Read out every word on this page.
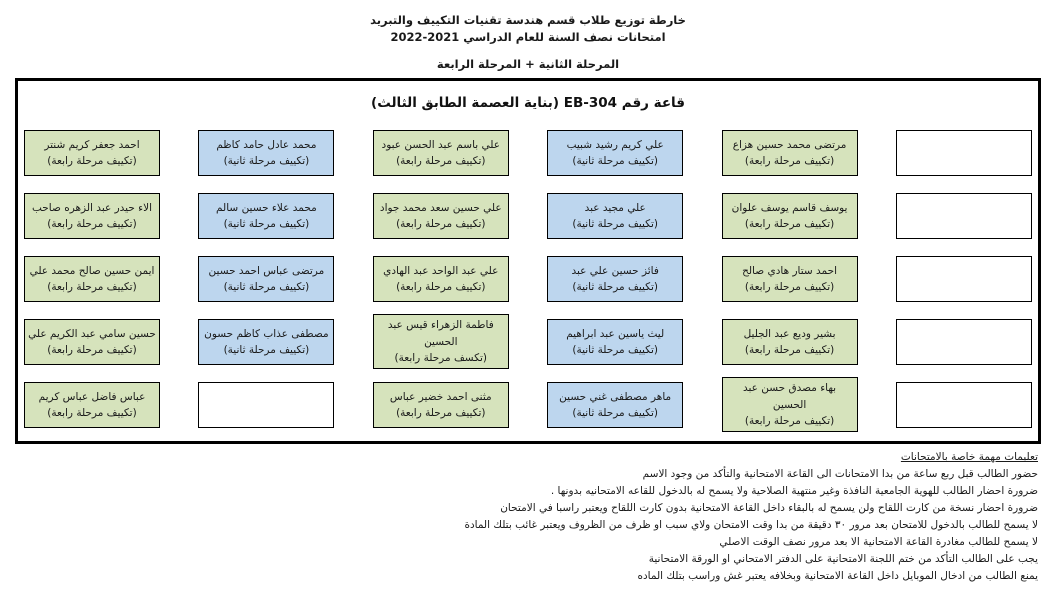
خارطة توزيع طلاب قسم هندسة تقنيات التكييف والتبريد
امتحانات نصف السنة للعام الدراسي 2021-2022
المرحلة الثانية + المرحلة الرابعة
قاعة رقم EB-304 (بناية العصمة الطابق الثالث)
احمد جعفر كريم شنتر
(تكييف مرحلة رابعة)
محمد عادل حامد كاظم
(تكييف مرحلة ثانية)
علي باسم عبد الحسن عبود
(تكييف مرحلة رابعة)
علي كريم رشيد شبيب
(تكييف مرحلة ثانية)
مرتضى محمد حسين هزاع
(تكييف مرحلة رابعة)
الاء حيدر عبد الزهره صاحب
(تكييف مرحلة رابعة)
محمد علاء حسين سالم
(تكييف مرحلة ثانية)
علي حسين سعد محمد جواد
(تكييف مرحلة رابعة)
علي مجيد عبد
(تكييف مرحلة ثانية)
يوسف قاسم يوسف علوان
(تكييف مرحلة رابعة)
ايمن حسين صالح محمد علي
(تكييف مرحلة رابعة)
مرتضى عباس احمد حسين
(تكييف مرحلة ثانية)
علي عبد الواحد عبد الهادي
(تكييف مرحلة رابعة)
فائز حسين علي عبد
(تكييف مرحلة ثانية)
احمد ستار هادي صالح
(تكييف مرحلة رابعة)
حسين سامي عبد الكريم علي
(تكييف مرحلة رابعة)
مصطفى عذاب كاظم حسون
(تكييف مرحلة ثانية)
فاطمة الزهراء قيس عبد الحسين
(تكسف مرحلة رابعة)
ليث ياسين عبد ابراهيم
(تكييف مرحلة ثانية)
بشير وديع عبد الجليل
(تكييف مرحلة رابعة)
عباس فاضل عباس كريم
(تكييف مرحلة رابعة)
مثنى احمد خضير عباس
(تكييف مرحلة رابعة)
ماهر مصطفى غني حسين
(تكييف مرحلة ثانية)
بهاء مصدق حسن عبد الحسين
(تكييف مرحلة رابعة)
تعليمات مهمة خاصة بالامتحانات
حضور الطالب قبل ربع ساعة من بدا الامتحانات الى القاعة الامتحانية والتأكد من وجود الاسم
ضرورة احضار الطالب للهوية الجامعية النافذة وغير منتهية الصلاحية ولا يسمح له بالدخول للقاعه الامتحانيه بدونها .
ضرورة احضار نسخة من كارت اللقاح ولن يسمح له بالبقاء داخل القاعة الامتحانية بدون كارت اللقاح ويعتبر راسبا في الامتحان
لا يسمح للطالب بالدخول للامتحان بعد مرور ٣٠ دقيقة من بدا وقت الامتحان ولاي سبب او ظرف من الظروف ويعتبر غائب بتلك المادة
لا يسمح للطالب مغادرة القاعة الامتحانية الا بعد مرور نصف الوقت الاصلي
يجب على الطالب التأكد من ختم اللجنة الامتحانية على الدفتر الامتحاني او الورقة الامتحانية
يمنع الطالب من ادخال الموبايل داخل القاعة الامتحانية وبخلافه يعتبر غش وراسب بتلك الماده
